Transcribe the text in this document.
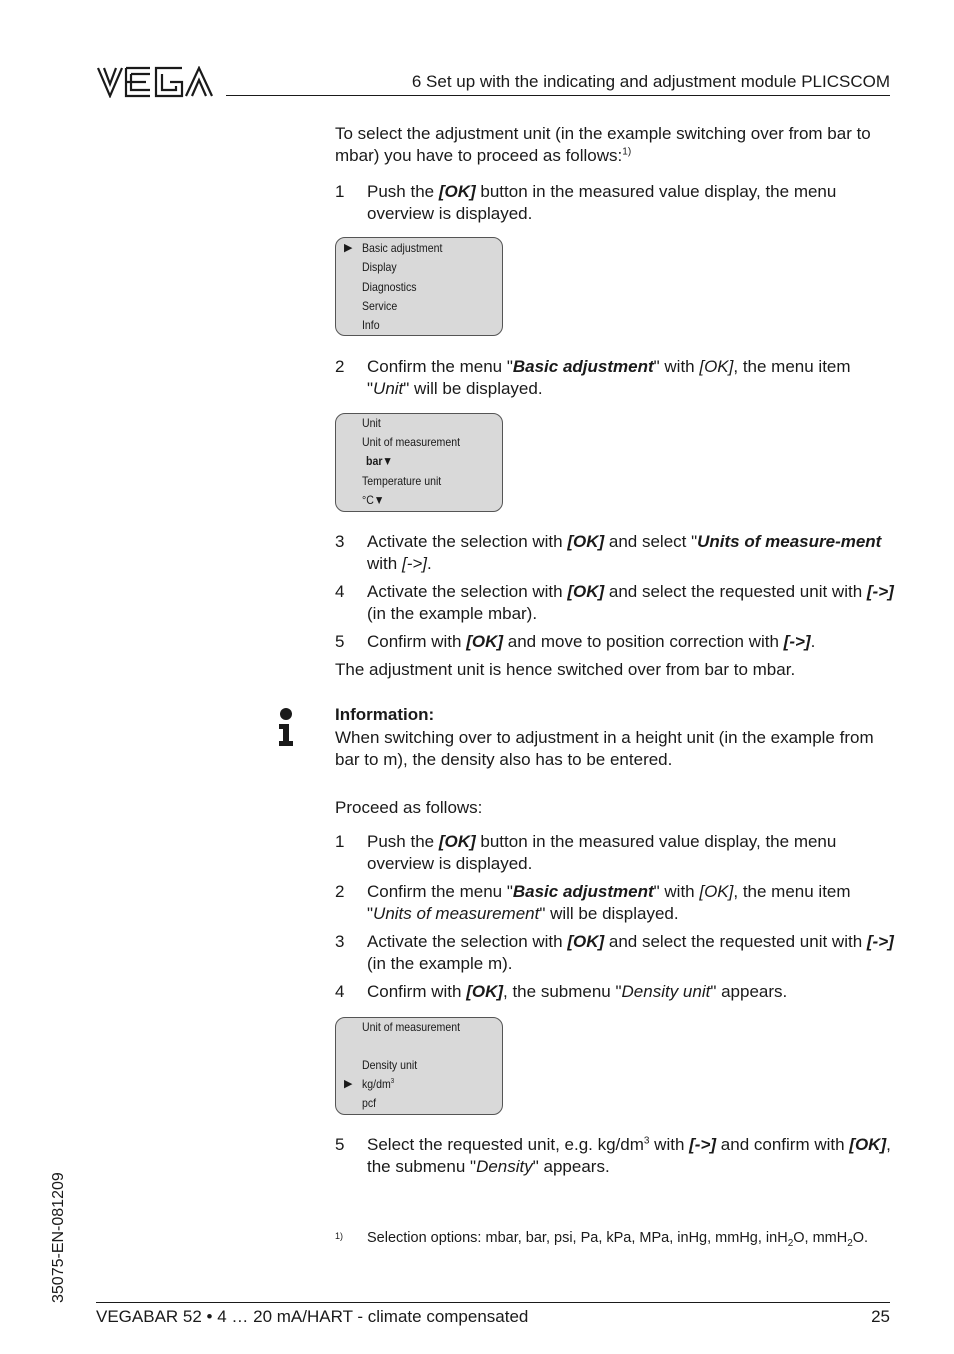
6 Set up with the indicating and adjustment module PLICSCOM
To select the adjustment unit (in the example switching over from bar to mbar) you have to proceed as follows:$^{1)}$
1	Push the [OK] button in the measured value display, the menu overview is displayed.
▶ Basic adjustment
Display
Diagnostics
Service
Info
2	Confirm the menu "Basic adjustment" with [OK], the menu item "Unit" will be displayed.
Unit
Unit of measurement
bar▼
Temperature unit
°C▼
3	Activate the selection with [OK] and select "Units of measure-ment with [->].
4	Activate the selection with [OK] and select the requested unit with [->] (in the example mbar).
5	Confirm with [OK] and move to position correction with [->].
The adjustment unit is hence switched over from bar to mbar.
Information:
When switching over to adjustment in a height unit (in the example from bar to m), the density also has to be entered.
Proceed as follows:
1	Push the [OK] button in the measured value display, the menu overview is displayed.
2	Confirm the menu "Basic adjustment" with [OK], the menu item "Units of measurement" will be displayed.
3	Activate the selection with [OK] and select the requested unit with [->] (in the example m).
4	Confirm with [OK], the submenu "Density unit" appears.
Unit of measurement
Density unit
▶ $kg/dm^3$
pcf
5	Select the requested unit, e.g. $kg/dm^3$ with [->] and confirm with [OK], the submenu "Density" appears.
1) Selection options: mbar, bar, psi, Pa, kPa, MPa, inHg, mmHg, inH$_2$O, mmH$_2$O.
35075-EN-081209
VEGABAR 52 • 4 … 20 mA/HART - climate compensated	25
